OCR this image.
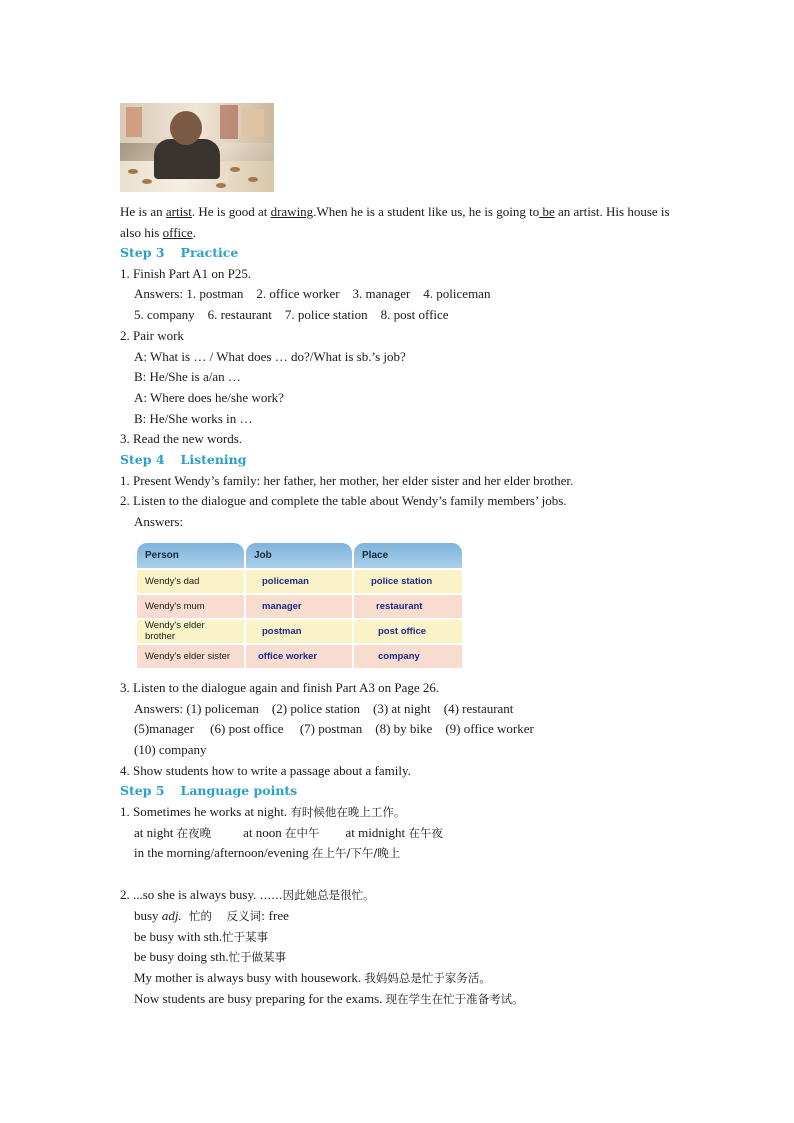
He is an artist. He is good at drawing.When he is a student like us, he is going to be an artist. His house is also his office.

Step 3 Practice

1. Finish Part A1 on P25.

Answers: 1. postman    2. office worker    3. manager    4. policeman

5. company    6. restaurant    7. police station    8. post office

2. Pair work

A: What is … / What does … do?/What is sb.’s job?

B: He/She is a/an …

A: Where does he/she work?

B: He/She works in …

3. Read the new words.

Step 4 Listening

1. Present Wendy’s family: her father, her mother, her elder sister and her elder brother.

2. Listen to the dialogue and complete the table about Wendy’s family members’ jobs.

Answers:

Person	Job	Place
Wendy's dad	policeman	police station
Wendy's mum	manager	restaurant
Wendy's elder brother	postman	post office
Wendy's elder sister	office worker	company

3. Listen to the dialogue again and finish Part A3 on Page 26.

Answers: (1) policeman    (2) police station    (3) at night    (4) restaurant

(5)manager     (6) post office     (7) postman    (8) by bike    (9) office worker

(10) company

4. Show students how to write a passage about a family.

Step 5 Language points

1. Sometimes he works at night. 有时候他在晚上工作。

at night 在夜晚 at noon 在中午 at midnight 在午夜

in the morning/afternoon/evening 在上午/下午/晚上

2. ...so she is always busy. ……因此她总是很忙。

busy adj.  忙的    反义词: free

be busy with sth.忙于某事

be busy doing sth.忙于做某事

My mother is always busy with housework. 我妈妈总是忙于家务活。

Now students are busy preparing for the exams. 现在学生在忙于准备考试。
